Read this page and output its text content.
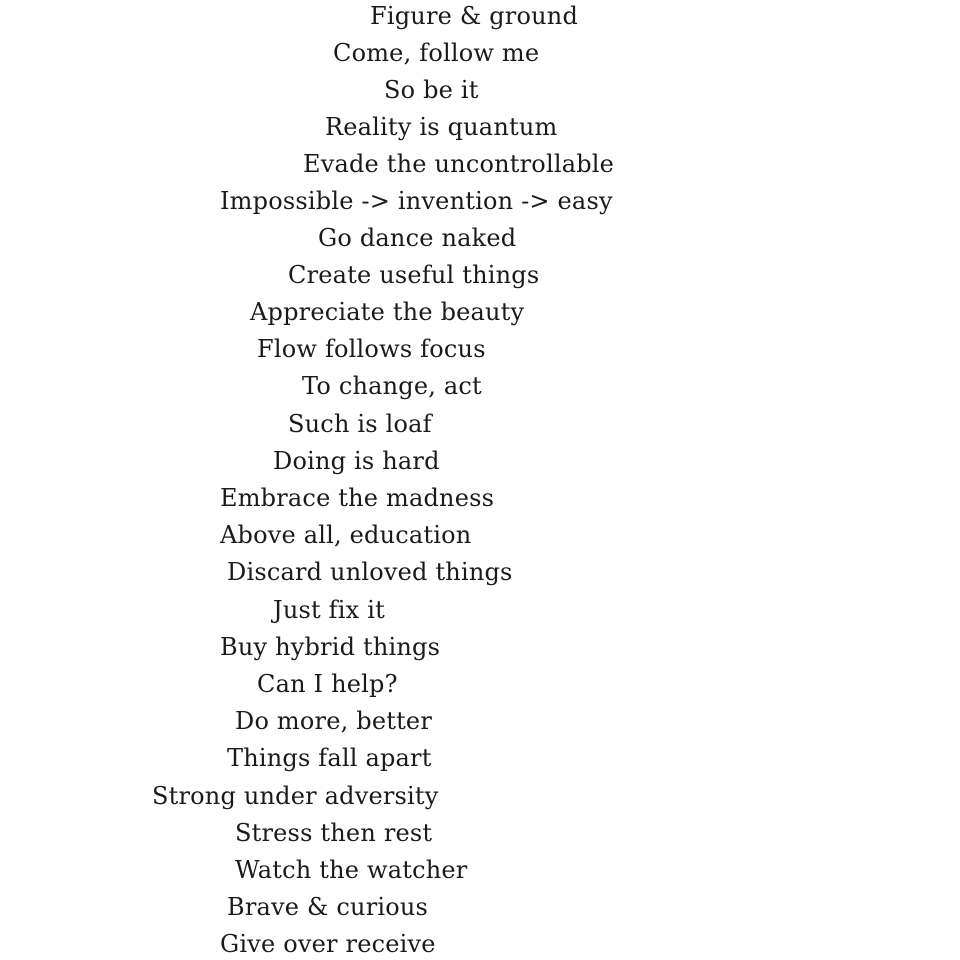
Figure & ground

Come, follow me

So be it

Reality is quantum

Evade the uncontrollable

Impossible -> invention -> easy

Go dance naked

Create useful things

Appreciate the beauty

Flow follows focus

To change, act

Such is loaf

Doing is hard

Embrace the madness

Above all, education

Discard unloved things

Just fix it

Buy hybrid things

Can I help?

Do more, better

Things fall apart

Strong under adversity

Stress then rest

Watch the watcher

Brave & curious

Give over receive
